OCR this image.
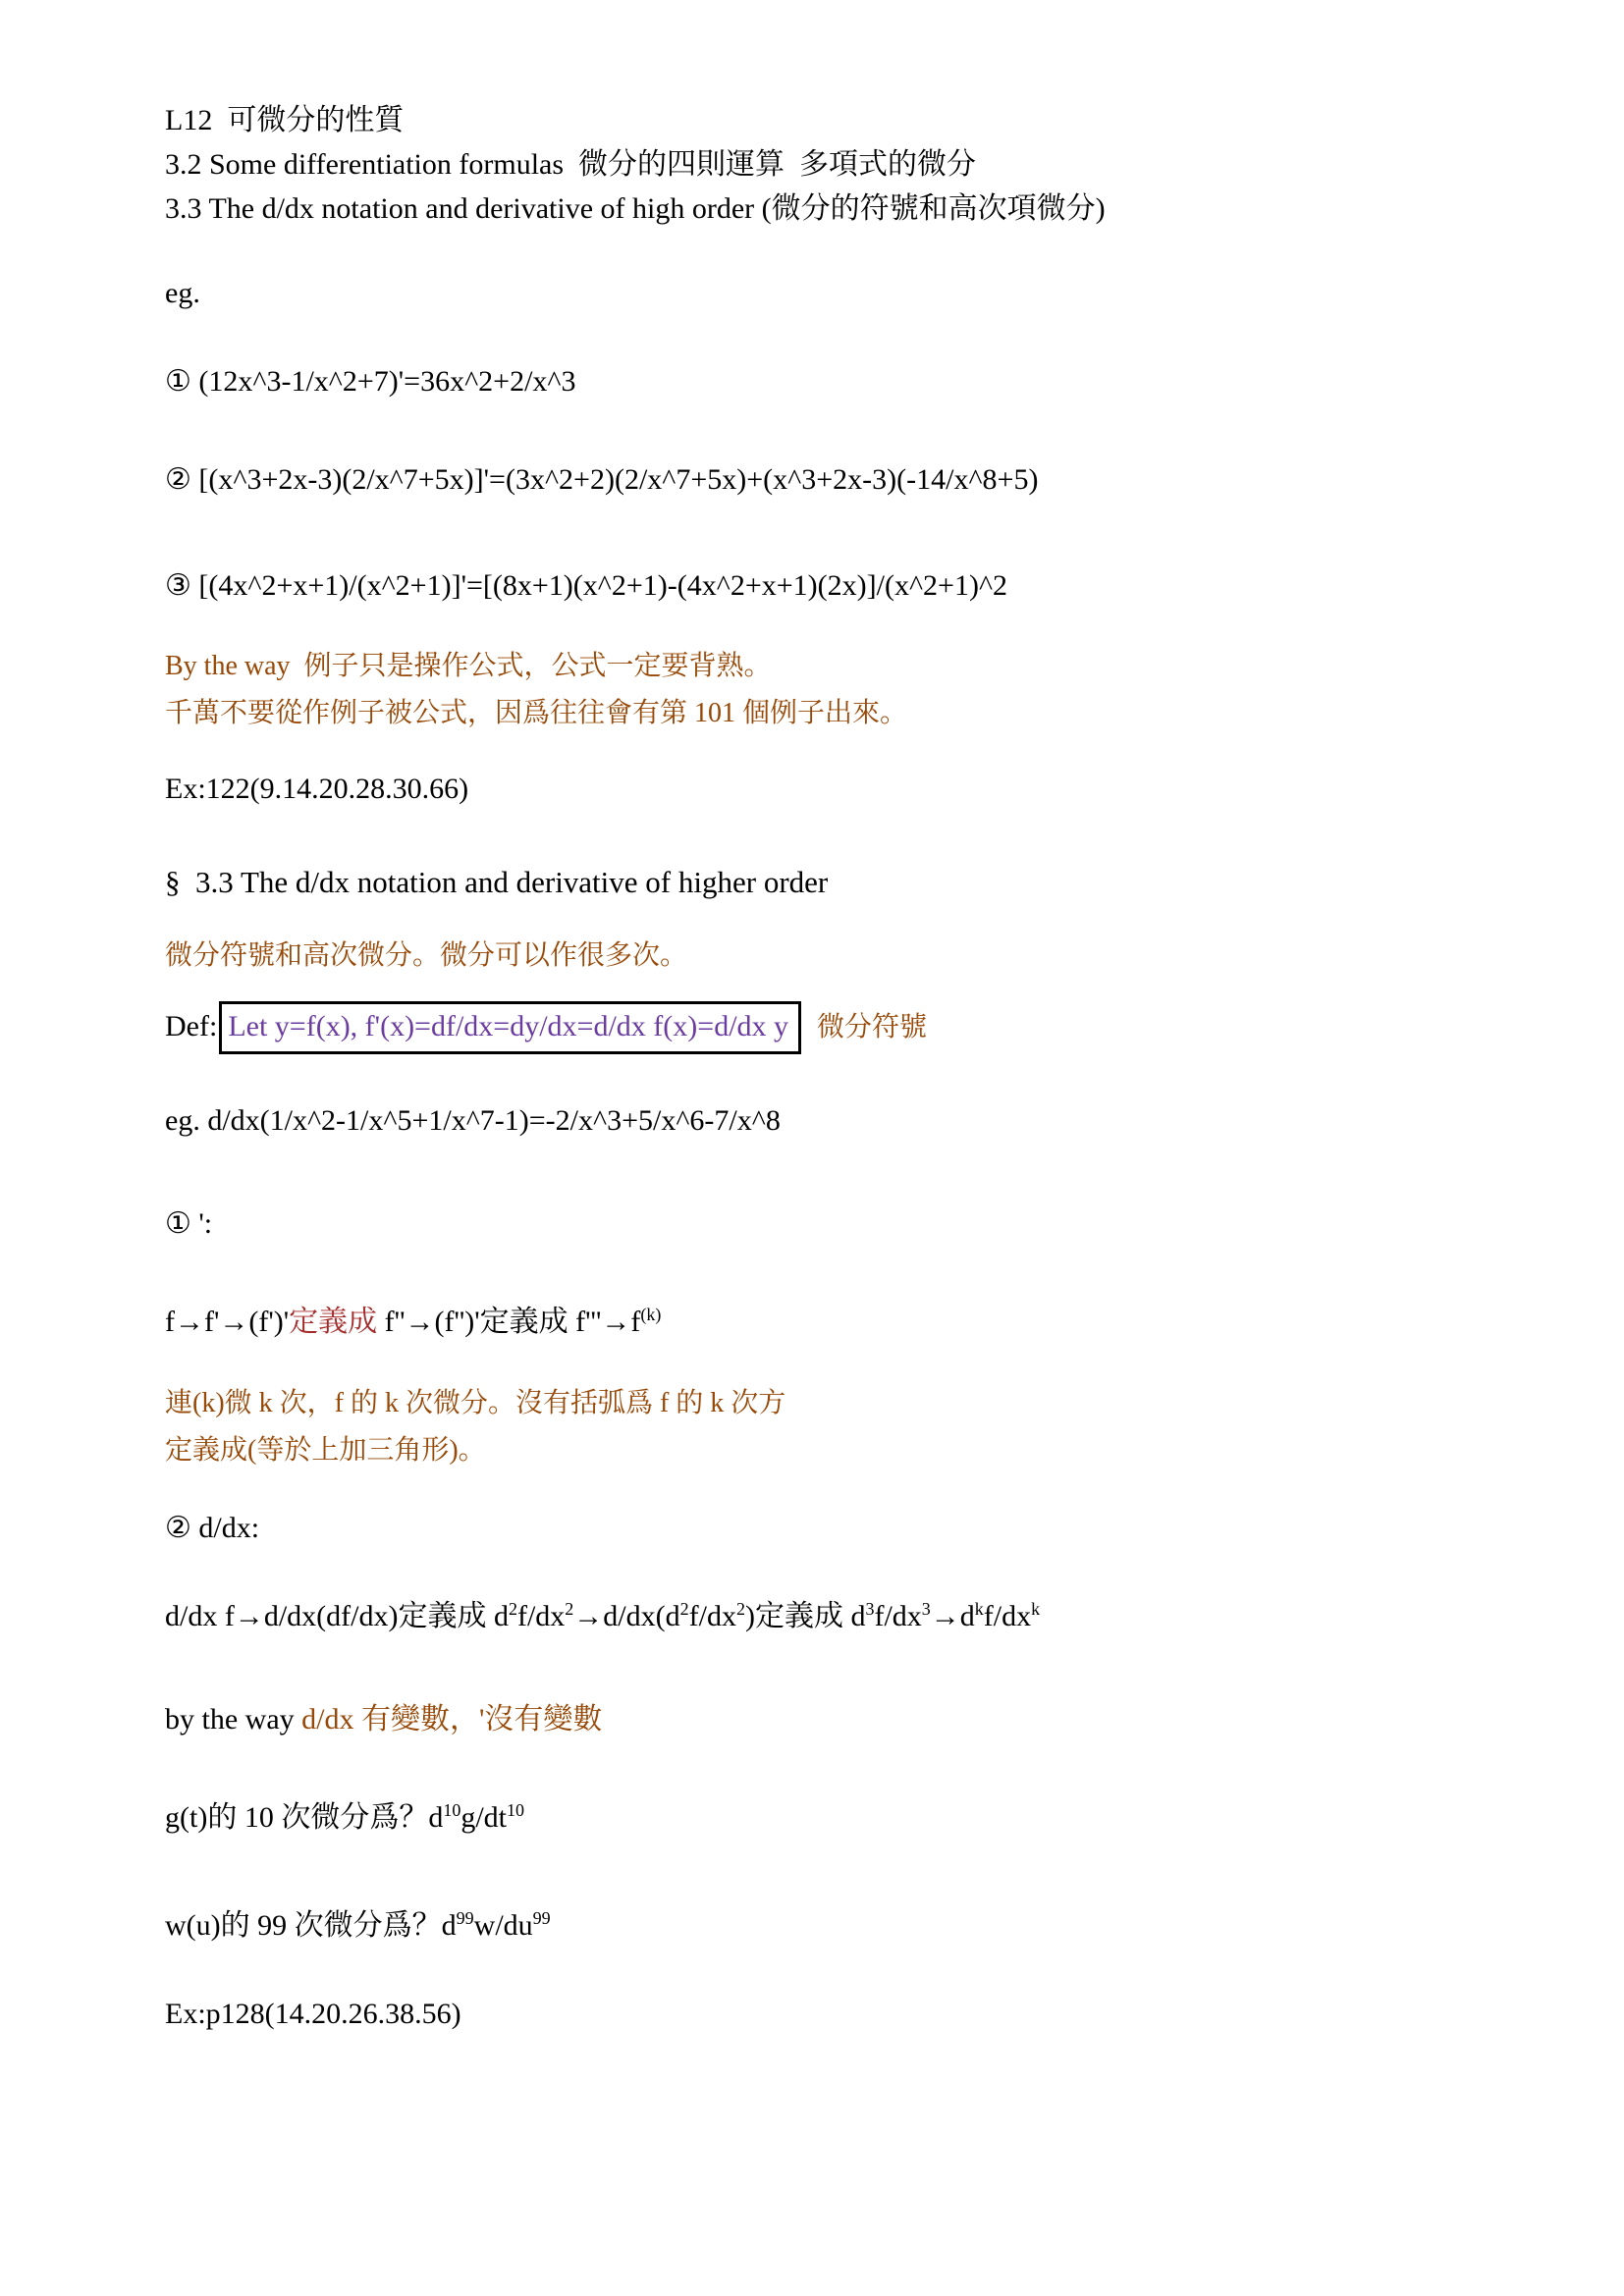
L12  可微分的性質

3.2 Some differentiation formulas  微分的四則運算  多項式的微分

3.3 The d/dx notation and derivative of high order (微分的符號和高次項微分)

eg.

① (12x^3-1/x^2+7)'=36x^2+2/x^3

② [(x^3+2x-3)(2/x^7+5x)]'=(3x^2+2)(2/x^7+5x)+(x^3+2x-3)(-14/x^8+5)

③ [(4x^2+x+1)/(x^2+1)]'=[(8x+1)(x^2+1)-(4x^2+x+1)(2x)]/(x^2+1)^2

By the way  例子只是操作公式，公式一定要背熟。

千萬不要從作例子被公式，因爲往往會有第 101 個例子出來。

Ex:122(9.14.20.28.30.66)

§  3.3 The d/dx notation and derivative of higher order

微分符號和高次微分。微分可以作很多次。

Def: Let y=f(x), f'(x)=df/dx=dy/dx=d/dx f(x)=d/dx y 微分符號

eg. d/dx(1/x^2-1/x^5+1/x^7-1)=-2/x^3+5/x^6-7/x^8

① ':

f→f'→(f')'定義成 f''→(f'')'定義成 $f'''\to f^{(k)}$

連(k)微 k 次，f 的 k 次微分。沒有括弧爲 f 的 k 次方

定義成(等於上加三角形)。

② d/dx:

d/dx f→d/dx(df/dx)定義成 $d^2f/dx^2\to d/dx(d^2f/dx^2)$定義成 $d^3f/dx^3\to d^kf/dx^k$

by the way d/dx 有變數，'沒有變數

g(t)的 10 次微分爲？$d^{10}g/dt^{10}$

w(u)的 99 次微分爲？$d^{99}w/du^{99}$

Ex:p128(14.20.26.38.56)
